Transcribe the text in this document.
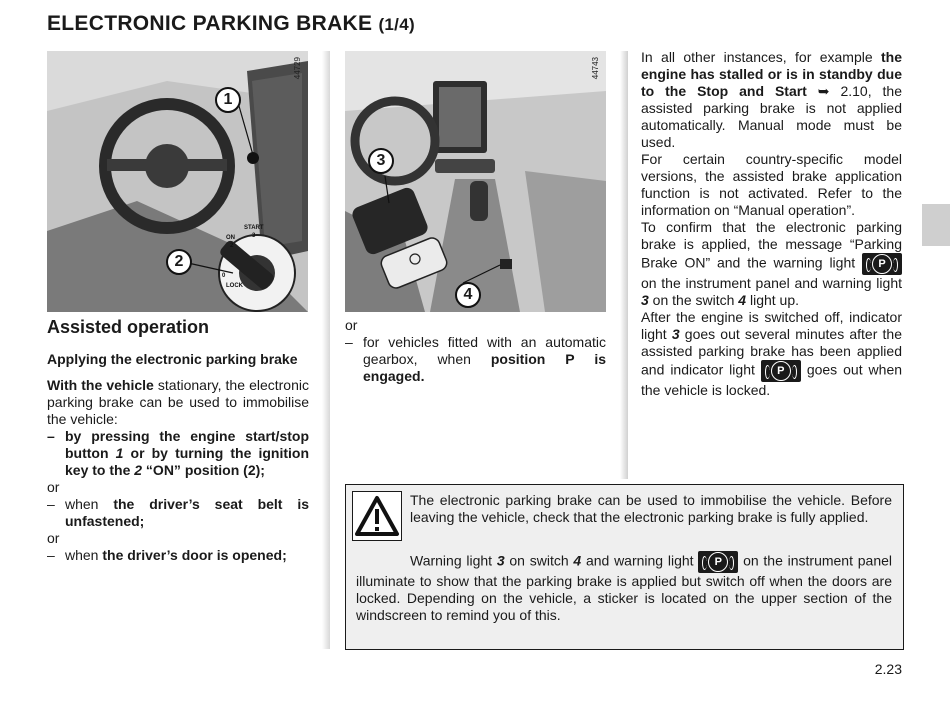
ELECTRONIC PARKING BRAKE (1/4)
44729
1
2
START
3
ON
2
0
LOCK
44743
3
4
Assisted operation
Applying the electronic parking brake
With the vehicle stationary, the electronic parking brake can be used to immobilise the vehicle:
– by pressing the engine start/stop button 1 or by turning the ignition key to the 2 “ON” position (2);
or
– when the driver’s seat belt is unfastened;
or
– when the driver’s door is opened;
or
– for vehicles fitted with an automatic gearbox, when position P is engaged.
In all other instances, for example the engine has stalled or is in standby due to the Stop and Start ➥ 2.10, the assisted parking brake is not applied automatically. Manual mode must be used.
For certain country-specific model versions, the assisted brake application function is not activated. Refer to the information on “Manual operation”.
To confirm that the electronic parking brake is applied, the message “Parking Brake ON” and the warning light	P
on the instrument panel and warning light 3 on the switch 4 light up.
After the engine is switched off, indicator light 3 goes out several minutes after the assisted parking brake has been applied and indicator light	P	goes out when the vehicle is locked.
The electronic parking brake can be used to immobilise the vehicle. Before leaving the vehicle, check that the electronic parking brake is fully applied.
Warning light 3 on switch 4 and warning light	P	on the instrument panel illuminate to show that the parking brake is applied but switch off when the doors are locked. Depending on the vehicle, a sticker is located on the upper section of the windscreen to remind you of this.
2.23
